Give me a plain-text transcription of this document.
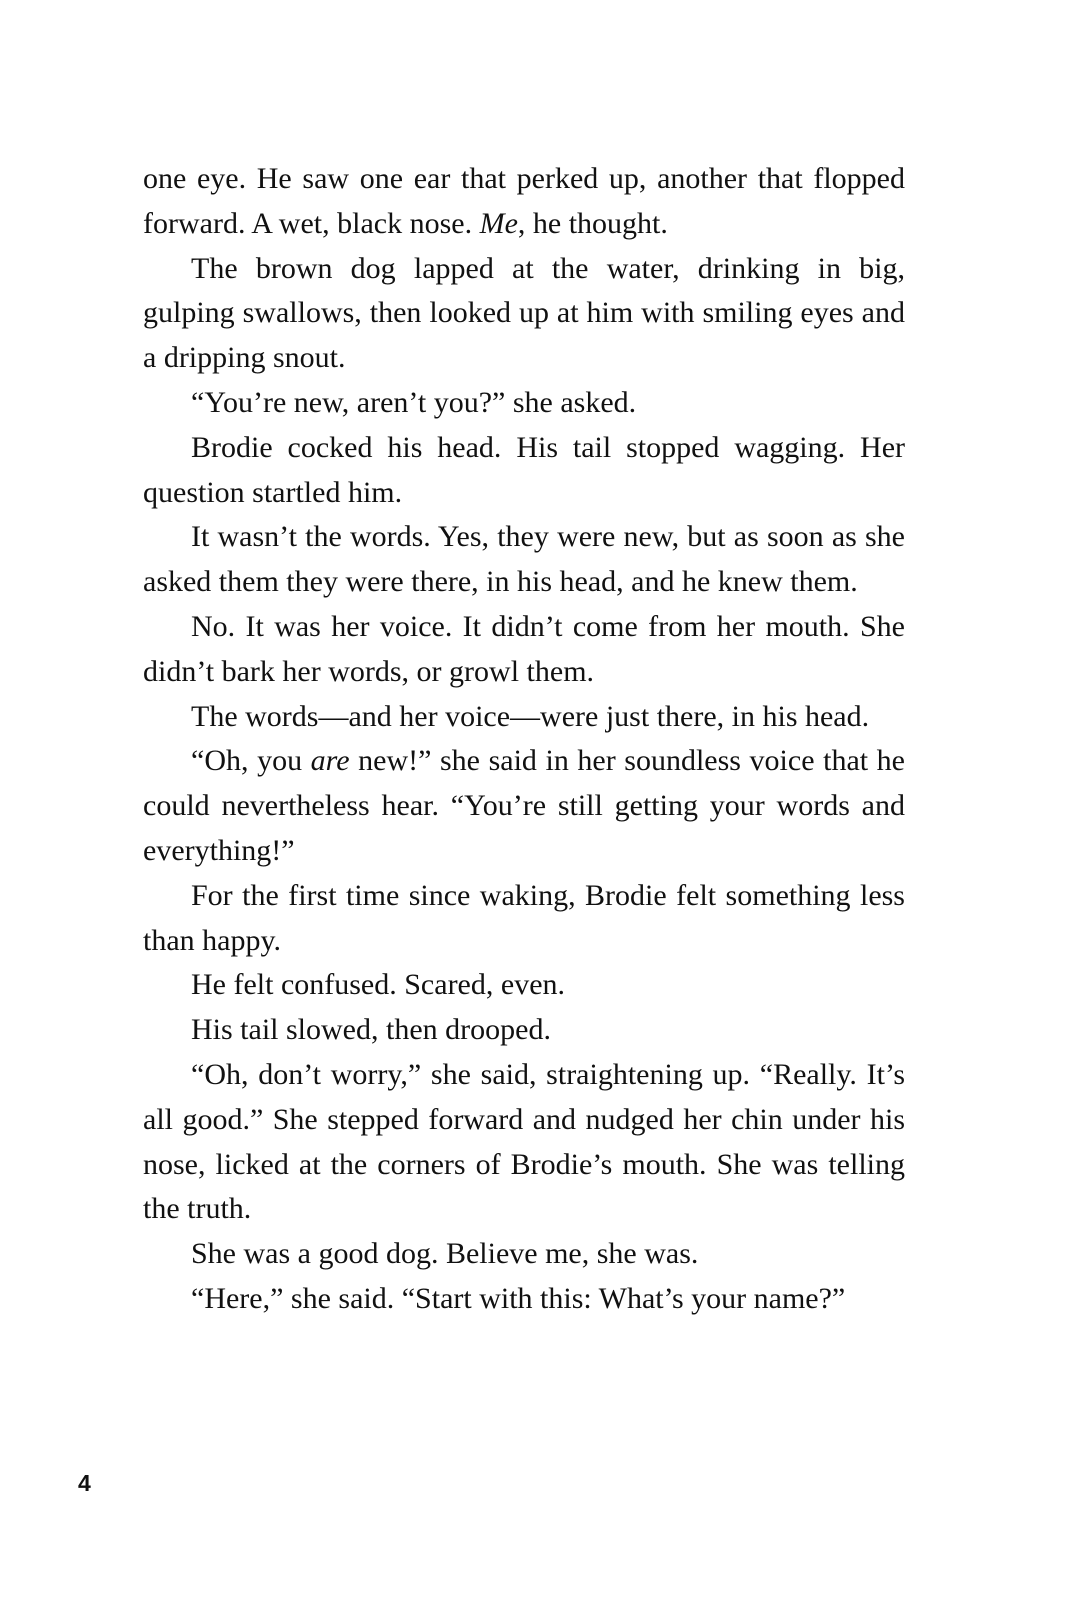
one eye. He saw one ear that perked up, another that flopped forward. A wet, black nose. Me, he thought.

The brown dog lapped at the water, drinking in big, gulping swallows, then looked up at him with smiling eyes and a dripping snout.

“You’re new, aren’t you?” she asked.

Brodie cocked his head. His tail stopped wagging. Her question startled him.

It wasn’t the words. Yes, they were new, but as soon as she asked them they were there, in his head, and he knew them.

No. It was her voice. It didn’t come from her mouth. She didn’t bark her words, or growl them.

The words—and her voice—were just there, in his head.

“Oh, you are new!” she said in her soundless voice that he could nevertheless hear. “You’re still getting your words and everything!”

For the first time since waking, Brodie felt something less than happy.

He felt confused. Scared, even.

His tail slowed, then drooped.

“Oh, don’t worry,” she said, straightening up. “Really. It’s all good.” She stepped forward and nudged her chin under his nose, licked at the corners of Brodie’s mouth. She was telling the truth.

She was a good dog. Believe me, she was.

“Here,” she said. “Start with this: What’s your name?”

4
